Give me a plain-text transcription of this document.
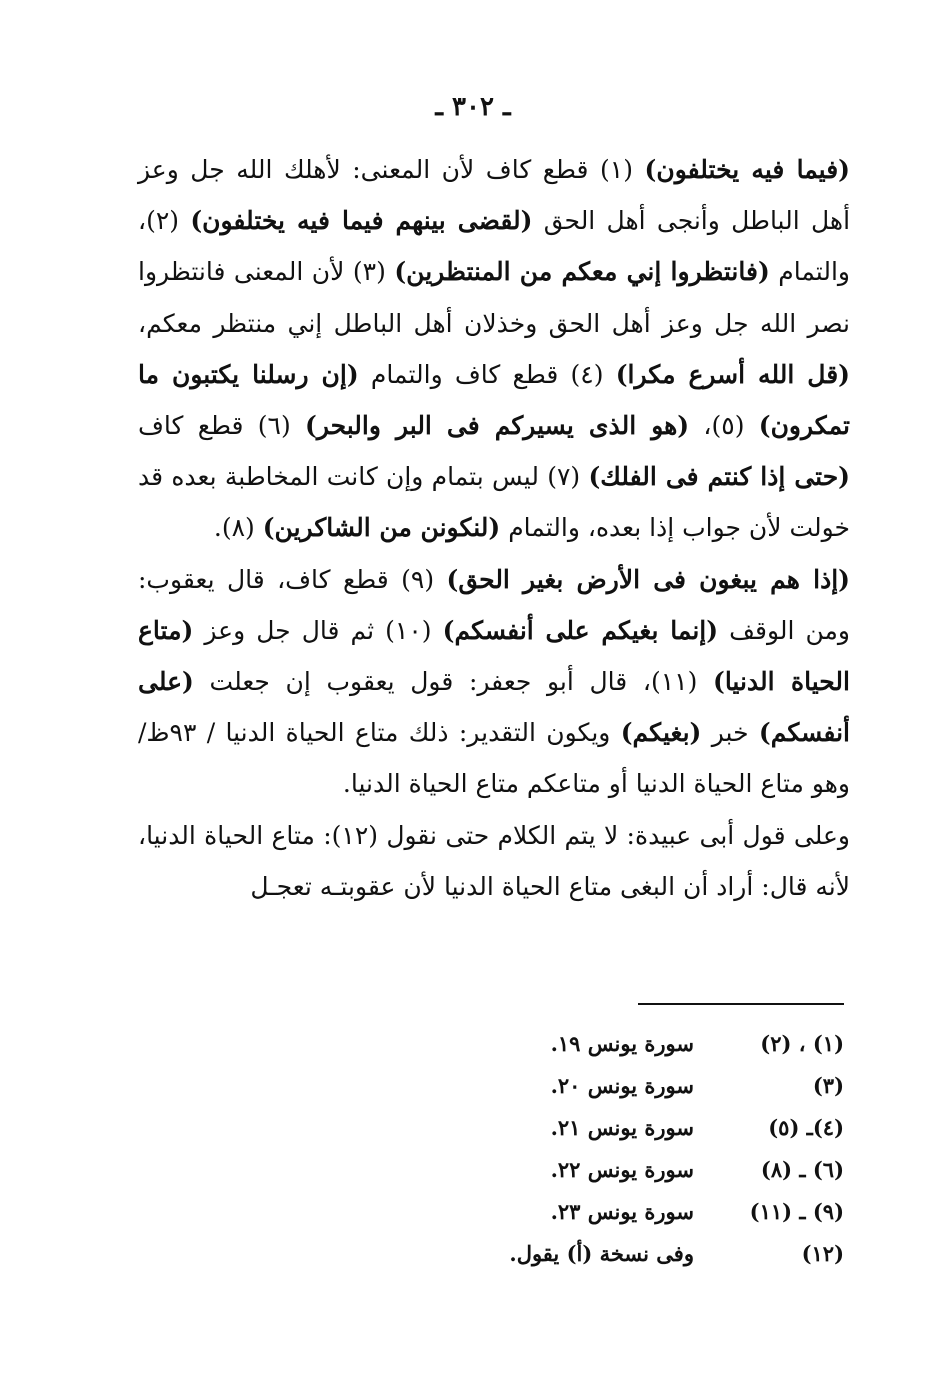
ـ ٣٠٢ ـ

(فيما فيه يختلفون) (١) قطع كاف لأن المعنى: لأهلك الله جل وعز أهل الباطل وأنجى أهل الحق (لقضى بينهم فيما فيه يختلفون) (٢)، والتمام (فانتظروا إني معكم من المنتظرين) (٣) لأن المعنى فانتظروا نصر الله جل وعز أهل الحق وخذلان أهل الباطل إني منتظر معكم، (قل الله أسرع مكرا) (٤) قطع كاف والتمام (إن رسلنا يكتبون ما تمكرون) (٥)، (هو الذى يسيركم فى البر والبحر) (٦) قطع كاف (حتى إذا كنتم فى الفلك) (٧) ليس بتمام وإن كانت المخاطبة بعده قد خولت لأن جواب إذا بعده، والتمام (لنكونن من الشاكرين) (٨).

(إذا هم يبغون فى الأرض بغير الحق) (٩) قطع كاف، قال يعقوب: ومن الوقف (إنما بغيكم على أنفسكم) (١٠) ثم قال جل وعز (متاع الحياة الدنيا) (١١)، قال أبو جعفر: قول يعقوب إن جعلت (على أنفسكم) خبر (بغيكم) ويكون التقدير: ذلك متاع الحياة الدنيا / ٩٣ظ/ وهو متاع الحياة الدنيا أو متاعكم متاع الحياة الدنيا.

وعلى قول أبى عبيدة: لا يتم الكلام حتى نقول (١٢): متاع الحياة الدنيا، لأنه قال: أراد أن البغى متاع الحياة الدنيا لأن عقوبتـه تعجـل

(١) ، (٢)
سورة يونس ١٩.
(٣)
سورة يونس ٢٠.
(٤)ـ (٥)
سورة يونس ٢١.
(٦) ـ (٨)
سورة يونس ٢٢.
(٩) ـ (١١)
سورة يونس ٢٣.
(١٢)
وفى نسخة (أ) يقول.
